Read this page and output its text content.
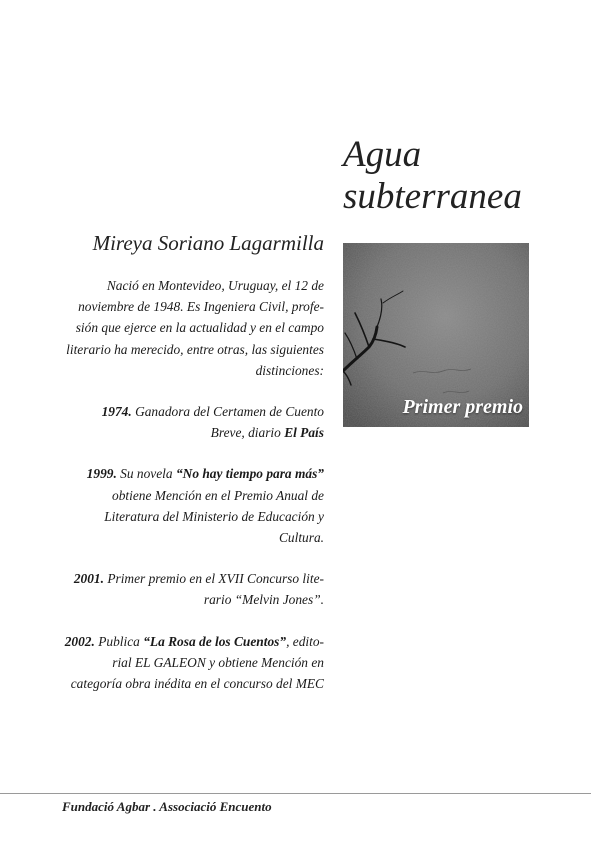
Agua
subterranea
Mireya Soriano Lagarmilla

Nació en Montevideo, Uruguay, el 12 de

noviembre de 1948. Es Ingeniera Civil, profe-

sión que ejerce en la actualidad y en el campo

literario ha merecido, entre otras, las siguientes

distinciones:

1974. Ganadora del Certamen de Cuento

Breve, diario El País

1999. Su novela “No hay tiempo para más”

obtiene Mención en el Premio Anual de

Literatura del Ministerio de Educación y

Cultura.

2001. Primer premio en el XVII Concurso lite-

rario “Melvin Jones”.

2002. Publica “La Rosa de los Cuentos”, edito-

rial EL GALEON y obtiene Mención en

categoría obra inédita en el concurso del MEC

Primer premio
Fundació Agbar . Associació Encuento
